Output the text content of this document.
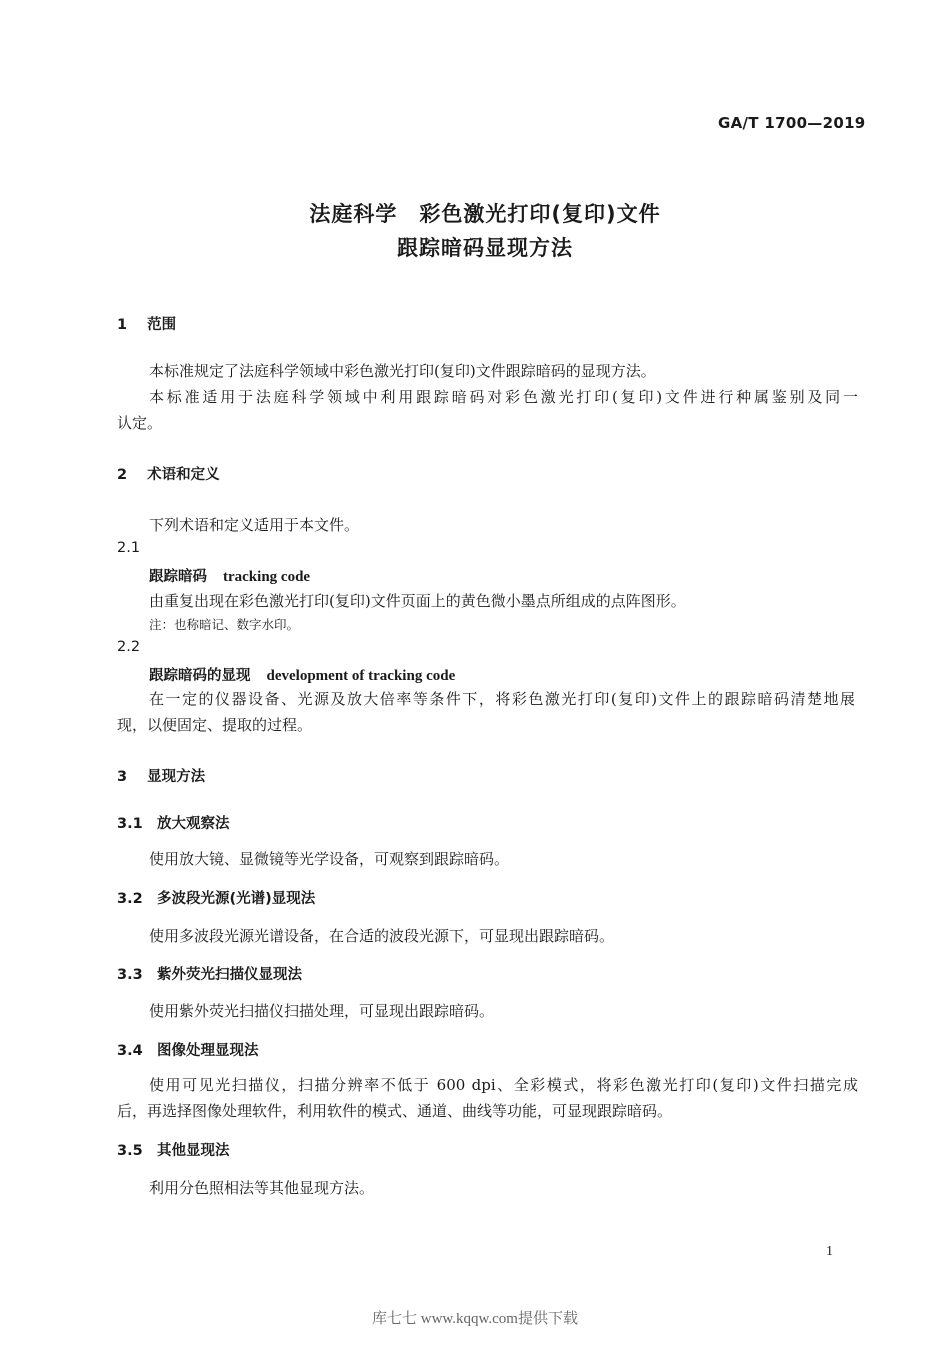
GA/T 1700—2019
法庭科学　彩色激光打印(复印)文件
跟踪暗码显现方法
1 范围
本标准规定了法庭科学领域中彩色激光打印(复印)文件跟踪暗码的显现方法。
本标准适用于法庭科学领域中利用跟踪暗码对彩色激光打印(复印)文件进行种属鉴别及同一
认定。
2 术语和定义
下列术语和定义适用于本文件。
2.1
跟踪暗码 tracking code
由重复出现在彩色激光打印(复印)文件页面上的黄色微小墨点所组成的点阵图形。
注：也称暗记、数字水印。
2.2
跟踪暗码的显现 development of tracking code
在一定的仪器设备、光源及放大倍率等条件下，将彩色激光打印(复印)文件上的跟踪暗码清楚地展
现，以便固定、提取的过程。
3 显现方法
3.1 放大观察法
使用放大镜、显微镜等光学设备，可观察到跟踪暗码。
3.2 多波段光源(光谱)显现法
使用多波段光源光谱设备，在合适的波段光源下，可显现出跟踪暗码。
3.3 紫外荧光扫描仪显现法
使用紫外荧光扫描仪扫描处理，可显现出跟踪暗码。
3.4 图像处理显现法
使用可见光扫描仪，扫描分辨率不低于 600 dpi、全彩模式，将彩色激光打印(复印)文件扫描完成
后，再选择图像处理软件，利用软件的模式、通道、曲线等功能，可显现跟踪暗码。
3.5 其他显现法
利用分色照相法等其他显现方法。
1
库七七 www.kqqw.com提供下载
